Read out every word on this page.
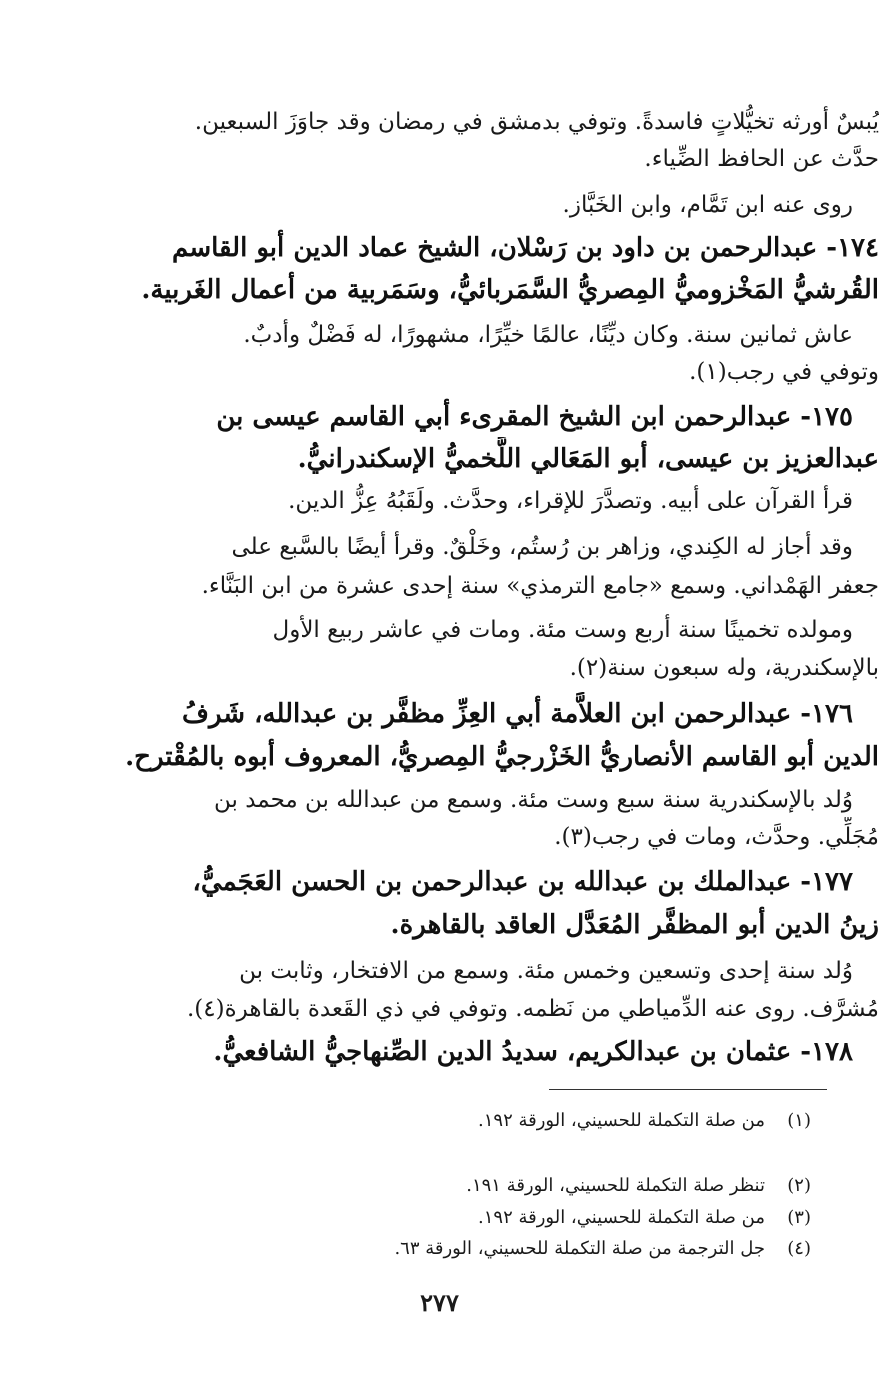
يُبسٌ أورثه تخيُّلاتٍ فاسدةً. وتوفي بدمشق في رمضان وقد جاوَزَ السبعين.
حدَّث عن الحافظ الضِّياء.
روى عنه ابن تَمَّام، وابن الخَبَّاز.
١٧٤- عبدالرحمن بن داود بن رَسْلان، الشيخ عماد الدين أبو القاسم
القُرشيُّ المَخْزوميُّ المِصريُّ السَّمَربائيُّ، وسَمَربية من أعمال الغَربية.
عاش ثمانين سنة. وكان ديِّنًا، عالمًا خيِّرًا، مشهورًا، له فَضْلٌ وأدبٌ.
وتوفي في رجب(١).
١٧٥- عبدالرحمن ابن الشيخ المقرىء أبي القاسم عيسى بن
عبدالعزيز بن عيسى، أبو المَعَالي اللَّخميُّ الإسكندرانيُّ.
قرأ القرآن على أبيه. وتصدَّرَ للإقراء، وحدَّث. ولَقَبُهُ عِزُّ الدين.
وقد أجاز له الكِندي، وزاهر بن رُستُم، وخَلْقٌ. وقرأ أيضًا بالسَّبع على
جعفر الهَمْداني. وسمع «جامع الترمذي» سنة إحدى عشرة من ابن البَنَّاء.
ومولده تخمينًا سنة أربع وست مئة. ومات في عاشر ربيع الأول
بالإسكندرية، وله سبعون سنة(٢).
١٧٦- عبدالرحمن ابن العلاَّمة أبي العِزِّ مظفَّر بن عبدالله، شَرفُ
الدين أبو القاسم الأنصاريُّ الخَزْرجيُّ المِصريُّ، المعروف أبوه بالمُقْترح.
وُلد بالإسكندرية سنة سبع وست مئة. وسمع من عبدالله بن محمد بن
مُجَلِّي. وحدَّث، ومات في رجب(٣).
١٧٧- عبدالملك بن عبدالله بن عبدالرحمن بن الحسن العَجَميُّ،
زينُ الدين أبو المظفَّر المُعَدَّل العاقد بالقاهرة.
وُلد سنة إحدى وتسعين وخمس مئة. وسمع من الافتخار، وثابت بن
مُشرَّف. روى عنه الدِّمياطي من نَظمه. وتوفي في ذي القَعدة بالقاهرة(٤).
١٧٨- عثمان بن عبدالكريم، سديدُ الدين الصِّنهاجيُّ الشافعيُّ.
(١)من صلة التكملة للحسيني، الورقة ١٩٢.
(٢)تنظر صلة التكملة للحسيني، الورقة ١٩١.
(٣)من صلة التكملة للحسيني، الورقة ١٩٢.
(٤)جل الترجمة من صلة التكملة للحسيني، الورقة ٦٣.
٢٧٧
